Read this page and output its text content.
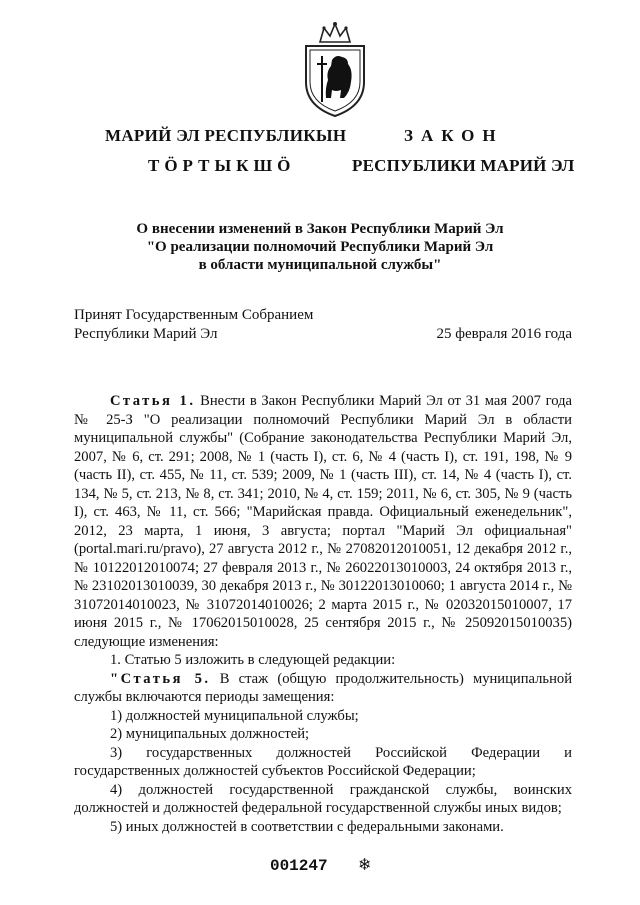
МАРИЙ ЭЛ РЕСПУБЛИКЫН
ТӦРТЫКШӦ
ЗАКОН
РЕСПУБЛИКИ МАРИЙ ЭЛ
О внесении изменений в Закон Республики Марий Эл
"О реализации полномочий Республики Марий Эл
в области муниципальной службы"
Принят Государственным Собранием
Республики Марий Эл	25 февраля 2016 года

Статья 1. Внести в Закон Республики Марий Эл от 31 мая 2007 года № 25-З "О реализации полномочий Республики Марий Эл в области муниципальной службы" (Собрание законодательства Республики Марий Эл, 2007, № 6, ст. 291; 2008, № 1 (часть I), ст. 6, № 4 (часть I), ст. 191, 198, № 9 (часть II), ст. 455, № 11, ст. 539; 2009, № 1 (часть III), ст. 14, № 4 (часть I), ст. 134, № 5, ст. 213, № 8, ст. 341; 2010, № 4, ст. 159; 2011, № 6, ст. 305, № 9 (часть I), ст. 463, № 11, ст. 566; "Марийская правда. Официальный еженедельник", 2012, 23 марта, 1 июня, 3 августа; портал "Марий Эл официальная" (portal.mari.ru/pravo), 27 августа 2012 г., № 27082012010051, 12 декабря 2012 г., № 10122012010074; 27 февраля 2013 г., № 26022013010003, 24 октября 2013 г., № 23102013010039, 30 декабря 2013 г., № 30122013010060; 1 августа 2014 г., № 31072014010023, № 31072014010026; 2 марта 2015 г., № 02032015010007, 17 июня 2015 г., № 17062015010028, 25 сентября 2015 г., № 25092015010035) следующие изменения:

1. Статью 5 изложить в следующей редакции:

"Статья 5. В стаж (общую продолжительность) муниципальной службы включаются периоды замещения:

1) должностей муниципальной службы;

2) муниципальных должностей;

3) государственных должностей Российской Федерации и государственных должностей субъектов Российской Федерации;

4) должностей государственной гражданской службы, воинских должностей и должностей федеральной государственной службы иных видов;

5) иных должностей в соответствии с федеральными законами.

001247 ❄
